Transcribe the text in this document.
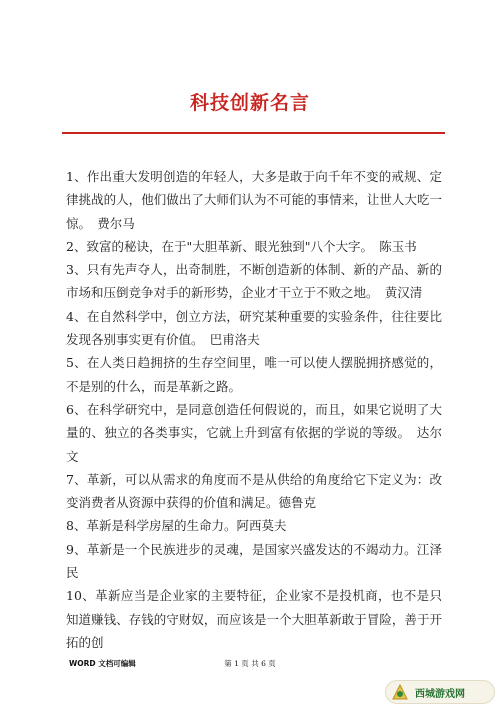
科技创新名言

1、作出重大发明创造的年轻人，大多是敢于向千年不变的戒规、定律挑战的人，他们做出了大师们认为不可能的事情来，让世人大吃一惊。　费尔马

2、致富的秘诀，在于"大胆革新、眼光独到"八个大字。　陈玉书

3、只有先声夺人，出奇制胜，不断创造新的体制、新的产品、新的市场和压倒竞争对手的新形势，企业才干立于不败之地。　黄汉清

4、在自然科学中，创立方法，研究某种重要的实验条件，往往要比发现各别事实更有价值。　巴甫洛夫

5、在人类日趋拥挤的生存空间里，唯一可以使人摆脱拥挤感觉的，不是别的什么，而是革新之路。

6、在科学研究中，是同意创造任何假说的，而且，如果它说明了大量的、独立的各类事实，它就上升到富有依据的学说的等级。　达尔文

7、革新，可以从需求的角度而不是从供给的角度给它下定义为：改变消费者从资源中获得的价值和满足。德鲁克

8、革新是科学房屋的生命力。阿西莫夫

9、革新是一个民族进步的灵魂，是国家兴盛发达的不竭动力。江泽民

10、革新应当是企业家的主要特征，企业家不是投机商，也不是只知道赚钱、存钱的守财奴，而应该是一个大胆革新敢于冒险，善于开拓的创

WORD 文档可编辑	第 1 页 共 6 页
西城游戏网
